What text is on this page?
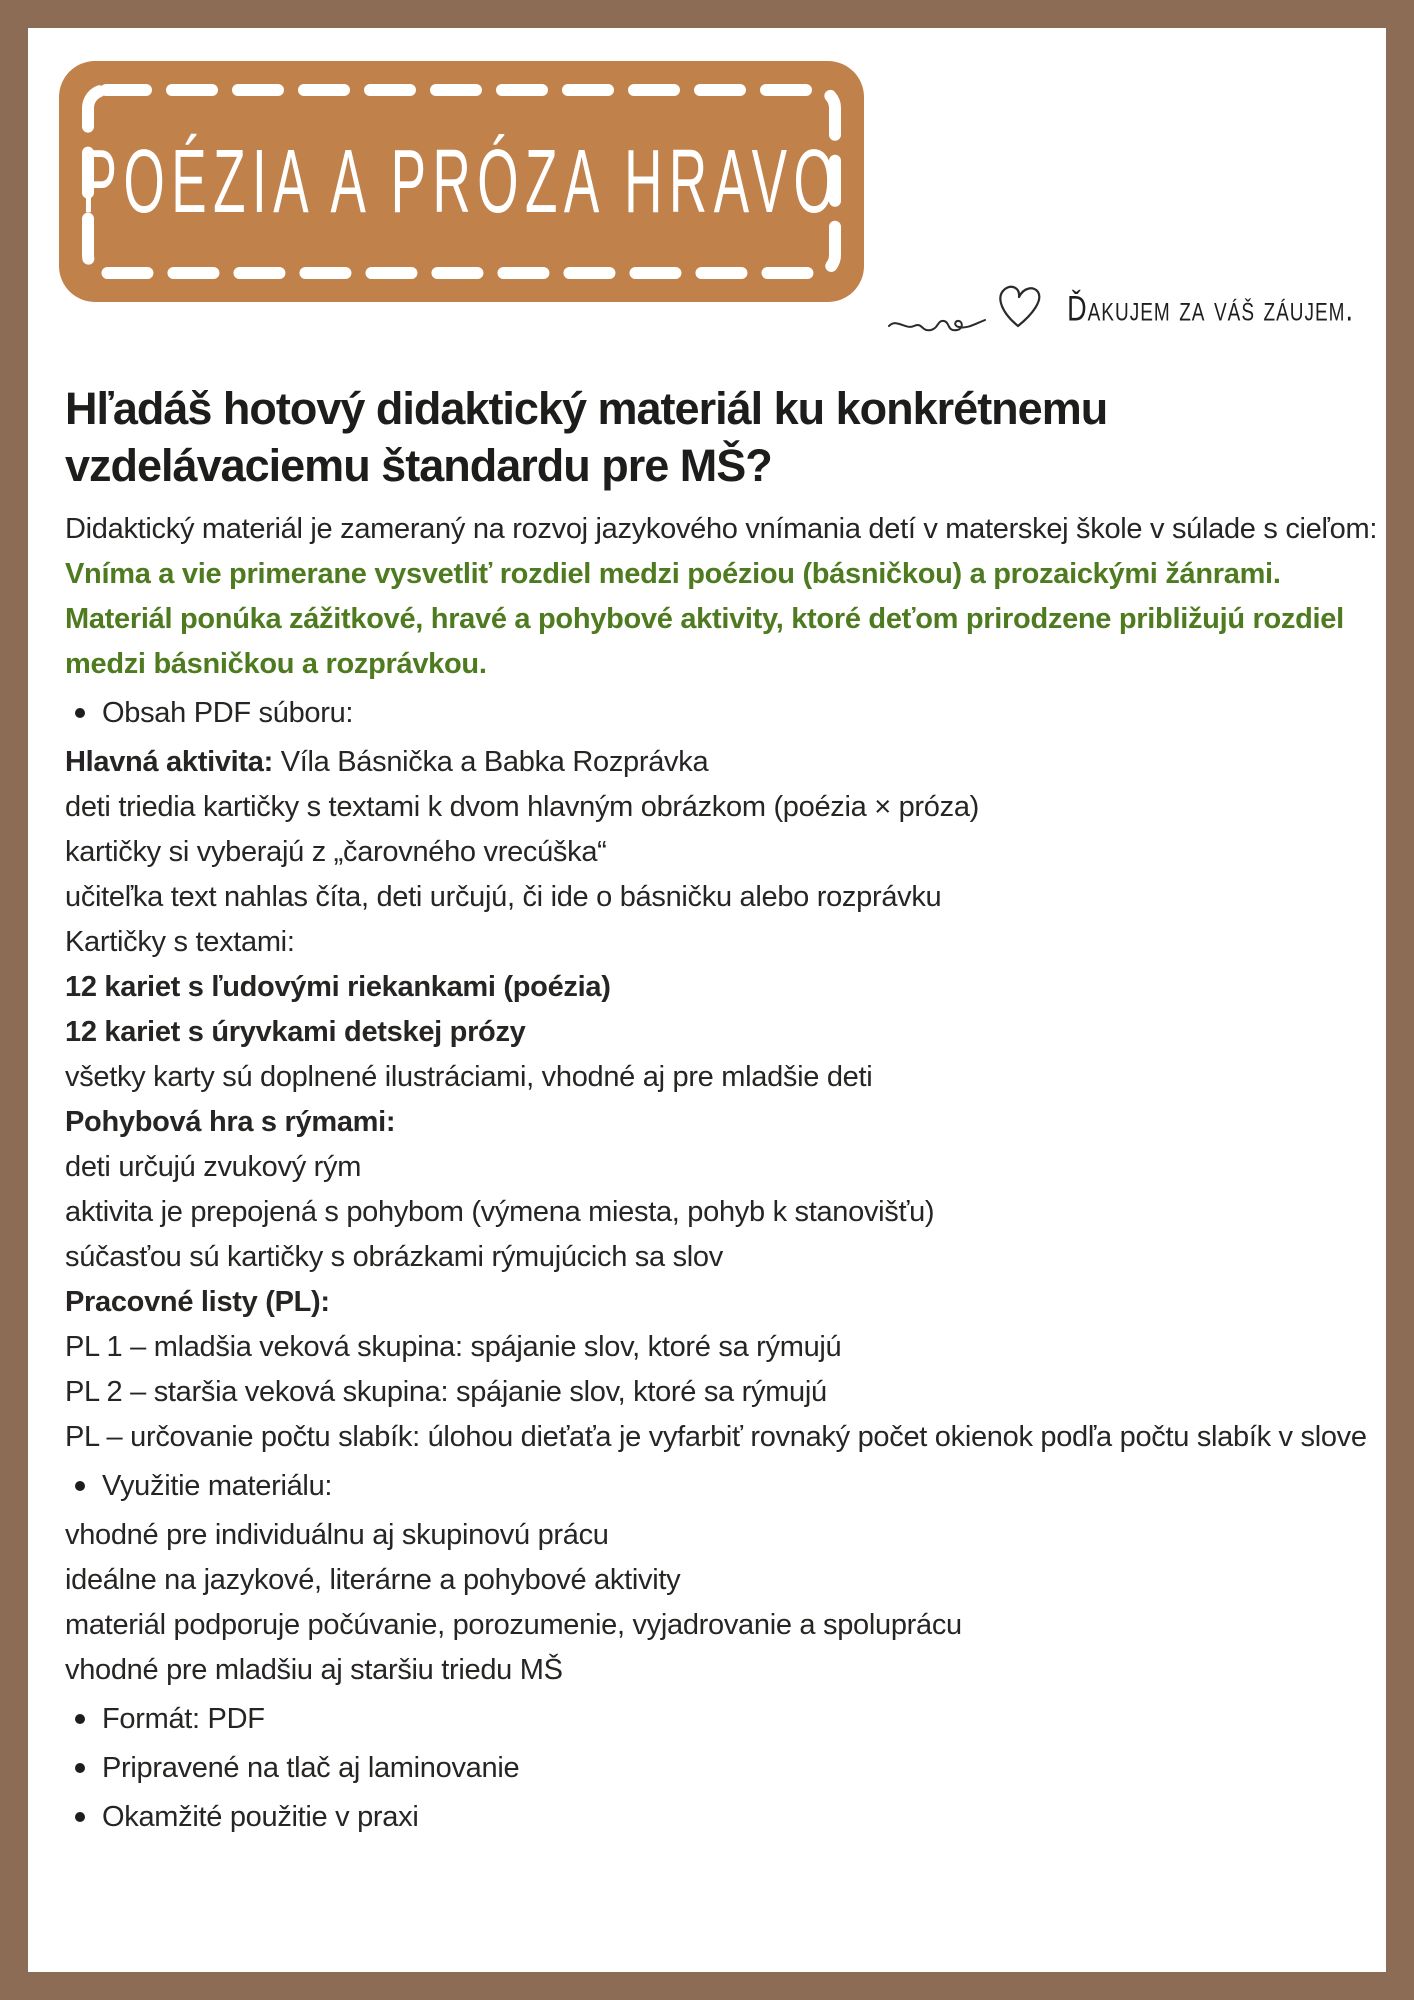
POÉZIA A PRÓZA HRAVO
Ďakujem za váš záujem.
Hľadáš hotový didaktický materiál ku konkrétnemu vzdelávaciemu štandardu pre MŠ?

Didaktický materiál je zameraný na rozvoj jazykového vnímania detí v materskej škole v súlade s cieľom:

Vníma a vie primerane vysvetliť rozdiel medzi poéziou (básničkou) a prozaickými žánrami.

Materiál ponúka zážitkové, hravé a pohybové aktivity, ktoré deťom prirodzene približujú rozdiel medzi básničkou a rozprávkou.

Obsah PDF súboru:
Hlavná aktivita: Víla Básnička a Babka Rozprávka
deti triedia kartičky s textami k dvom hlavným obrázkom (poézia × próza)
kartičky si vyberajú z „čarovného vrecúška“
učiteľka text nahlas číta, deti určujú, či ide o básničku alebo rozprávku
Kartičky s textami:
12 kariet s ľudovými riekankami (poézia)
12 kariet s úryvkami detskej prózy
všetky karty sú doplnené ilustráciami, vhodné aj pre mladšie deti
Pohybová hra s rýmami:
deti určujú zvukový rým
aktivita je prepojená s pohybom (výmena miesta, pohyb k stanovišťu)
súčasťou sú kartičky s obrázkami rýmujúcich sa slov
Pracovné listy (PL):
PL 1 – mladšia veková skupina: spájanie slov, ktoré sa rýmujú
PL 2 – staršia veková skupina: spájanie slov, ktoré sa rýmujú
PL – určovanie počtu slabík: úlohou dieťaťa je vyfarbiť rovnaký počet okienok podľa počtu slabík v slove
Využitie materiálu:
vhodné pre individuálnu aj skupinovú prácu
ideálne na jazykové, literárne a pohybové aktivity
materiál podporuje počúvanie, porozumenie, vyjadrovanie a spoluprácu
vhodné pre mladšiu aj staršiu triedu MŠ
Formát: PDF
Pripravené na tlač aj laminovanie
Okamžité použitie v praxi
